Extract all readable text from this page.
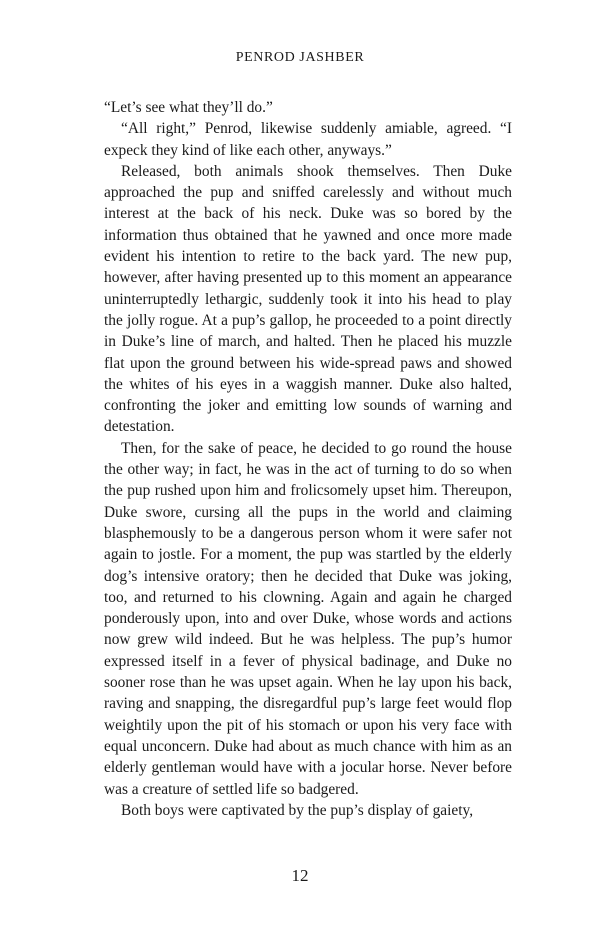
PENROD JASHBER

“Let’s see what they’ll do.”

“All right,” Penrod, likewise suddenly amiable, agreed. “I expeck they kind of like each other, anyways.”

Released, both animals shook themselves. Then Duke approached the pup and sniffed carelessly and without much interest at the back of his neck. Duke was so bored by the information thus obtained that he yawned and once more made evident his intention to retire to the back yard. The new pup, however, after having presented up to this moment an appearance uninterruptedly lethargic, suddenly took it into his head to play the jolly rogue. At a pup’s gallop, he proceeded to a point directly in Duke’s line of march, and halted. Then he placed his muzzle flat upon the ground between his wide-spread paws and showed the whites of his eyes in a waggish manner. Duke also halted, confronting the joker and emitting low sounds of warning and detestation.

Then, for the sake of peace, he decided to go round the house the other way; in fact, he was in the act of turning to do so when the pup rushed upon him and frolicsomely upset him. Thereupon, Duke swore, cursing all the pups in the world and claiming blasphemously to be a dangerous person whom it were safer not again to jostle. For a moment, the pup was startled by the elderly dog’s intensive oratory; then he decided that Duke was joking, too, and returned to his clowning. Again and again he charged ponderously upon, into and over Duke, whose words and actions now grew wild indeed. But he was helpless. The pup’s humor expressed itself in a fever of physical badinage, and Duke no sooner rose than he was upset again. When he lay upon his back, raving and snapping, the disregardful pup’s large feet would flop weightily upon the pit of his stomach or upon his very face with equal unconcern. Duke had about as much chance with him as an elderly gentleman would have with a jocular horse. Never before was a creature of settled life so badgered.

Both boys were captivated by the pup’s display of gaiety,

12
